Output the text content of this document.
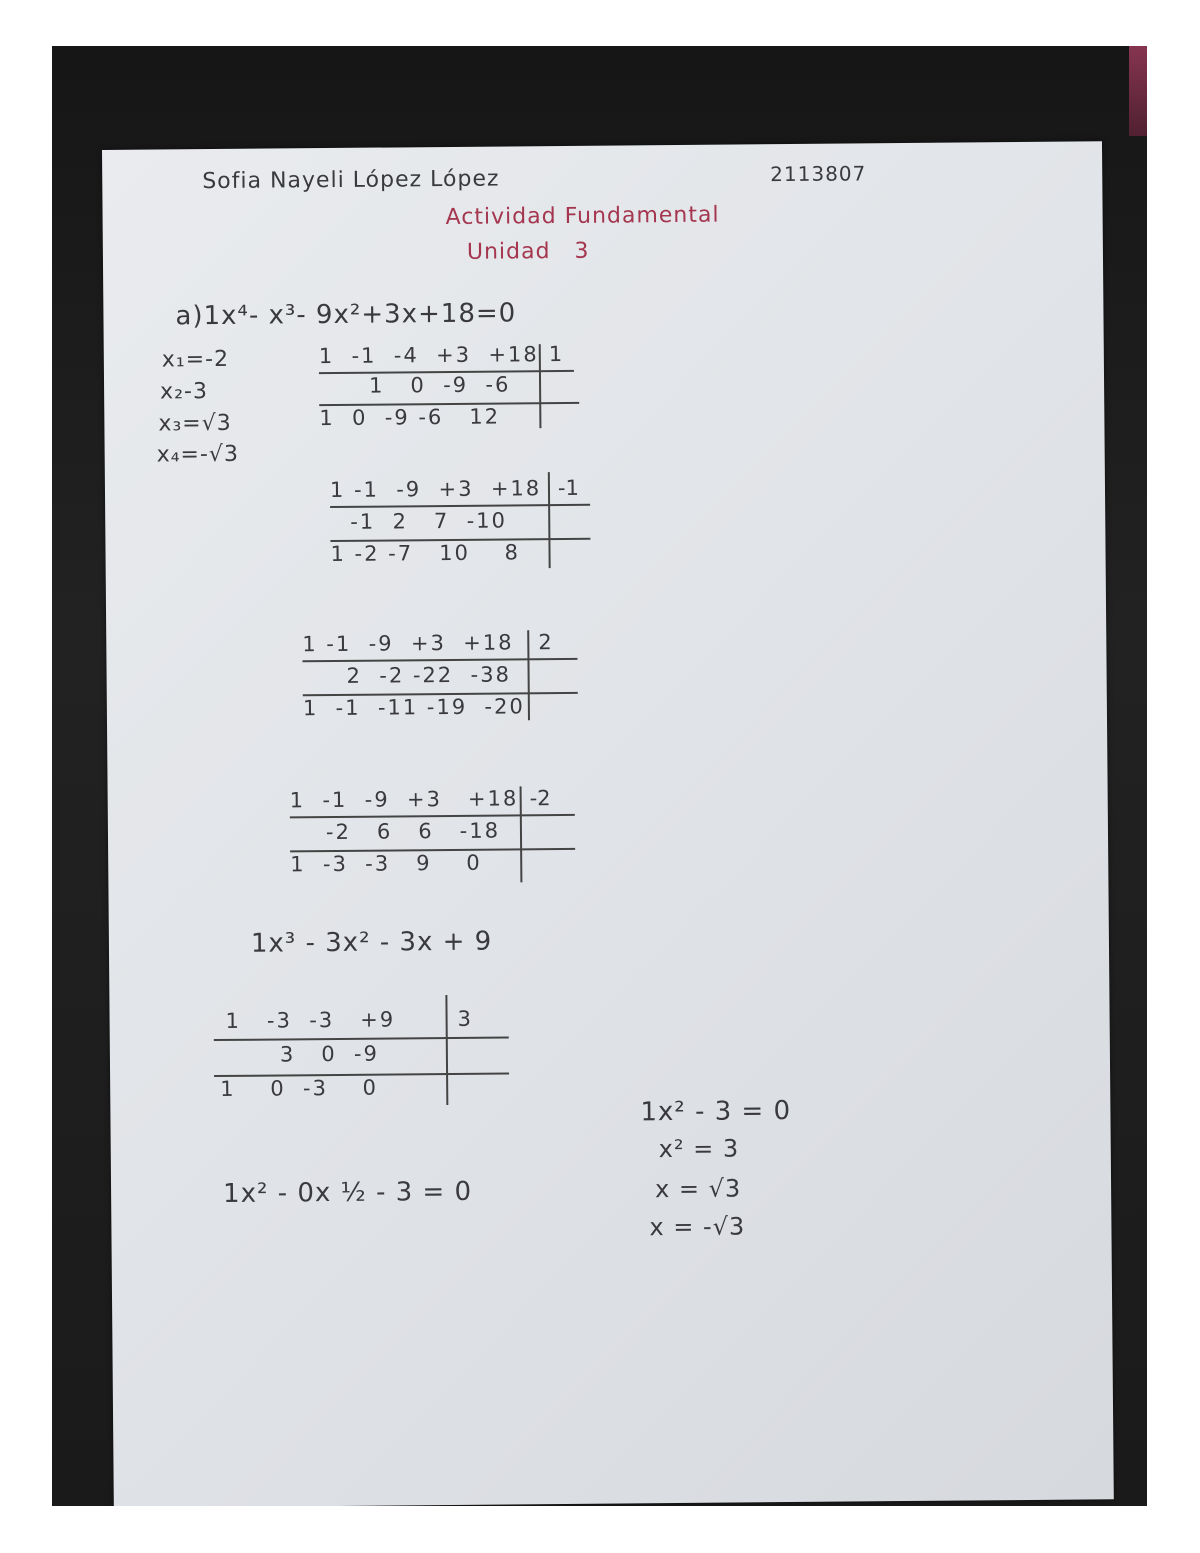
Sofia Nayeli López López	2113807
Actividad Fundamental
Unidad   3
a)1x⁴- x³- 9x²+3x+18=0
x₁=-2
x₂-3
x₃=√3
x₄=-√3
1  -1  -4  +3  +18
1   0  -9  -6
1  0  -9 -6   12
1
1 -1  -9  +3  +18
-1  2   7  -10
1 -2 -7   10    8
-1
1 -1  -9  +3  +18
2  -2 -22  -38
1  -1  -11 -19  -20
2
1  -1  -9  +3   +18
-2   6   6   -18
1  -3  -3   9    0
-2
1x³ - 3x² - 3x + 9
1   -3  -3   +9
3   0  -9
1    0  -3    0
3
1x² - 0x ½ - 3 = 0
1x² - 3 = 0
x² = 3
x = √3
x = -√3
